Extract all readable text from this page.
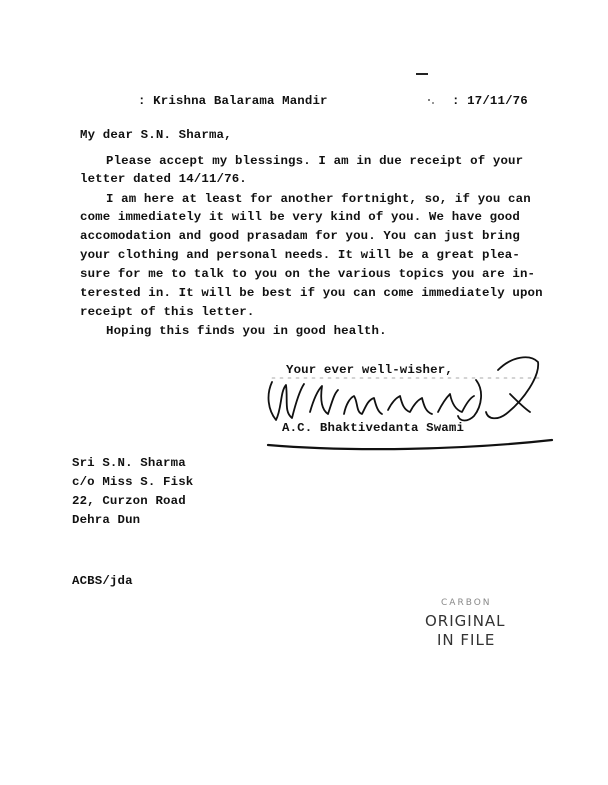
: Krishna Balarama Mandir	: 17/11/76
My dear S.N. Sharma,
Please accept my blessings. I am in due receipt of your
letter dated 14/11/76.
I am here at least for another fortnight, so, if you can
come immediately it will be very kind of you. We have good
accomodation and good prasadam for you. You can just bring
your clothing and personal needs. It will be a great plea-
sure for me to talk to you on the various topics you are in-
terested in. It will be best if you can come immediately upon
receipt of this letter.
Hoping this finds you in good health.
Your ever well-wisher,
A.C. Bhaktivedanta Swami
Sri S.N. Sharma
c/o Miss S. Fisk
22, Curzon Road
Dehra Dun
ACBS/jda
CARBON
ORIGINAL
IN FILE
